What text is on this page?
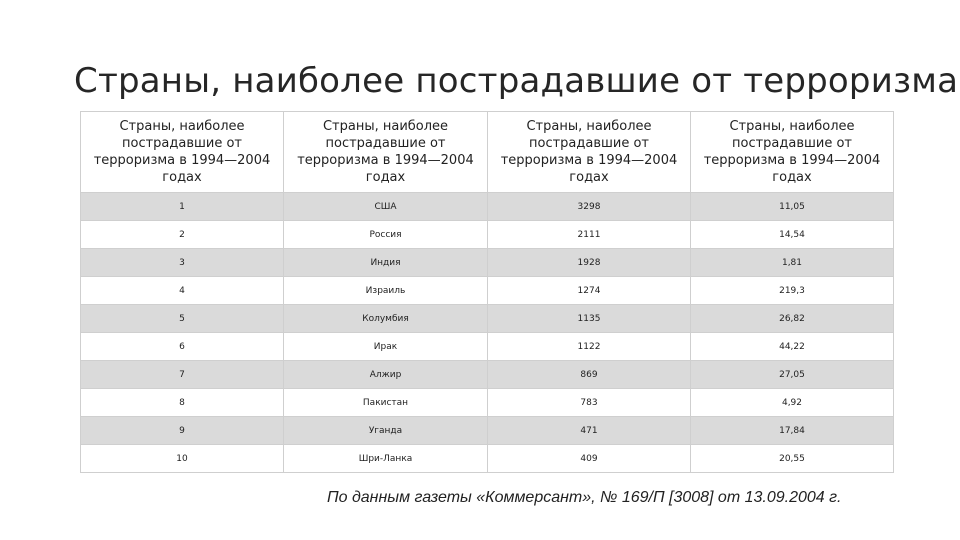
Страны, наиболее пострадавшие от терроризма
Страны, наиболее пострадавшие от терроризма в 1994—2004 годах	Страны, наиболее пострадавшие от терроризма в 1994—2004 годах	Страны, наиболее пострадавшие от терроризма в 1994—2004 годах	Страны, наиболее пострадавшие от терроризма в 1994—2004 годах
1	США	3298	11,05
2	Россия	2111	14,54
3	Индия	1928	1,81
4	Израиль	1274	219,3
5	Колумбия	1135	26,82
6	Ирак	1122	44,22
7	Алжир	869	27,05
8	Пакистан	783	4,92
9	Уганда	471	17,84
10	Шри-Ланка	409	20,55
По данным газеты «Коммерсант», № 169/П [3008] от 13.09.2004 г.
